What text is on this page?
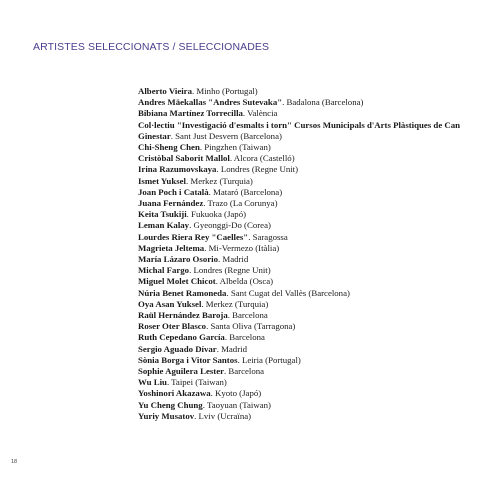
ARTISTES SELECCIONATS / SELECCIONADES
Alberto Vieira. Minho (Portugal)
Andres Mäekallas "Andres Sutevaka". Badalona (Barcelona)
Bibiana Martínez Torrecilla. València
Col·lectiu "Investigació d'esmalts i torn" Cursos Municipals d'Arts Plàstiques de Can Ginestar. Sant Just Desvern (Barcelona)
Chi-Sheng Chen. Pingzhen (Taiwan)
Cristòbal Saborit Mallol. Alcora (Castelló)
Irina Razumovskaya. Londres (Regne Unit)
Ismet Yuksel. Merkez (Turquia)
Joan Poch i Català. Mataró (Barcelona)
Juana Fernández. Trazo (La Corunya)
Keita Tsukiji. Fukuoka (Japó)
Leman Kalay. Gyeonggi-Do (Corea)
Lourdes Riera Rey "Caelles". Saragossa
Magrieta Jeltema. Mi-Vermezo (Itàlia)
María Lázaro Osorio. Madrid
Michal Fargo. Londres (Regne Unit)
Miguel Molet Chicot. Albelda (Osca)
Núria Benet Ramoneda. Sant Cugat del Vallès (Barcelona)
Oya Asan Yuksel. Merkez (Turquia)
Raül Hernández Baroja. Barcelona
Roser Oter Blasco. Santa Oliva (Tarragona)
Ruth Cepedano García. Barcelona
Sergio Aguado Dívar. Madrid
Sònia Borga i Vitor Santos. Leiria (Portugal)
Sophie Aguilera Lester. Barcelona
Wu Liu. Taipei (Taiwan)
Yoshinori Akazawa. Kyoto (Japó)
Yu Cheng Chung. Taoyuan (Taiwan)
Yuriy Musatov. Lviv (Ucraïna)
18
